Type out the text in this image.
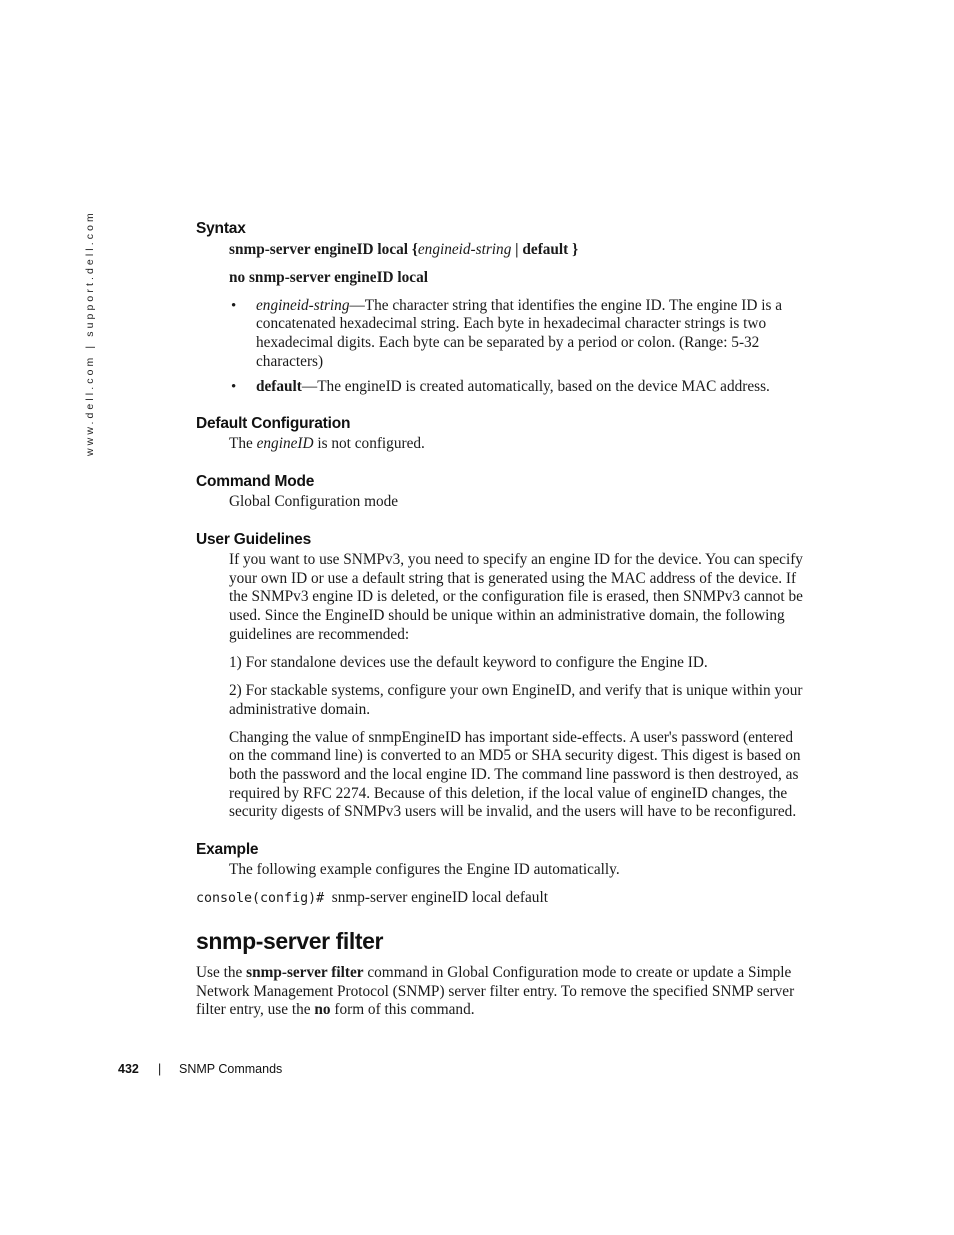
www.dell.com | support.dell.com	Syntax
snmp-server engineID local {engineid-string | default }
no snmp-server engineID local
• engineid-string—The character string that identifies the engine ID. The engine ID is a
concatenated hexadecimal string. Each byte in hexadecimal character strings is two
hexadecimal digits. Each byte can be separated by a period or colon. (Range: 5-32
characters)
• default—The engineID is created automatically, based on the device MAC address.
Default Configuration
The engineID is not configured.
Command Mode
Global Configuration mode
User Guidelines
If you want to use SNMPv3, you need to specify an engine ID for the device. You can specify
your own ID or use a default string that is generated using the MAC address of the device. If
the SNMPv3 engine ID is deleted, or the configuration file is erased, then SNMPv3 cannot be
used. Since the EngineID should be unique within an administrative domain, the following
guidelines are recommended:
1) For standalone devices use the default keyword to configure the Engine ID.
2) For stackable systems, configure your own EngineID, and verify that is unique within your
administrative domain.
Changing the value of snmpEngineID has important side-effects. A user's password (entered
on the command line) is converted to an MD5 or SHA security digest. This digest is based on
both the password and the local engine ID. The command line password is then destroyed, as
required by RFC 2274. Because of this deletion, if the local value of engineID changes, the
security digests of SNMPv3 users will be invalid, and the users will have to be reconfigured.
Example
The following example configures the Engine ID automatically.
console(config)# snmp-server engineID local default
snmp-server filter
Use the snmp-server filter command in Global Configuration mode to create or update a Simple
Network Management Protocol (SNMP) server filter entry. To remove the specified SNMP server
filter entry, use the no form of this command.
432 | SNMP Commands
